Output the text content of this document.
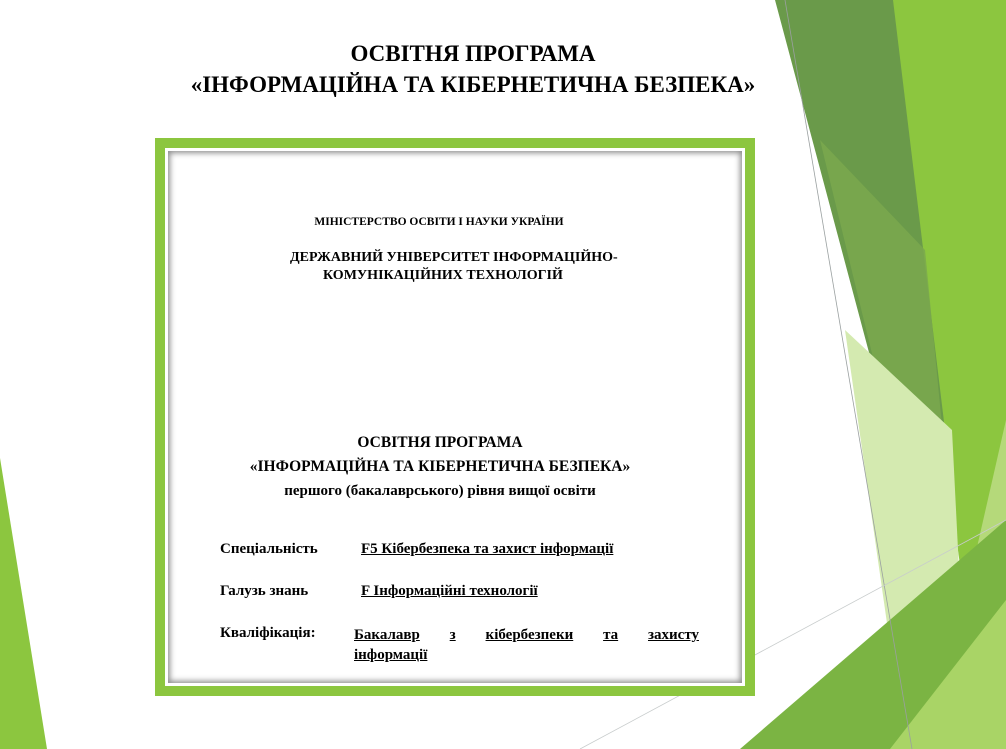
ОСВІТНЯ ПРОГРАМА
«ІНФОРМАЦІЙНА ТА КІБЕРНЕТИЧНА БЕЗПЕКА»
МІНІСТЕРСТВО ОСВІТИ І НАУКИ УКРАЇНИ
ДЕРЖАВНИЙ УНІВЕРСИТЕТ ІНФОРМАЦІЙНО-
КОМУНІКАЦІЙНИХ ТЕХНОЛОГІЙ
ОСВІТНЯ ПРОГРАМА
«ІНФОРМАЦІЙНА ТА КІБЕРНЕТИЧНА БЕЗПЕКА»
першого (бакалаврського) рівня вищої освіти
Спеціальність	F5 Кібербезпека та захист інформації
Галузь знань	F Інформаційні технології
Кваліфікація:	Бакалавр з кібербезпеки та захисту
інформації
